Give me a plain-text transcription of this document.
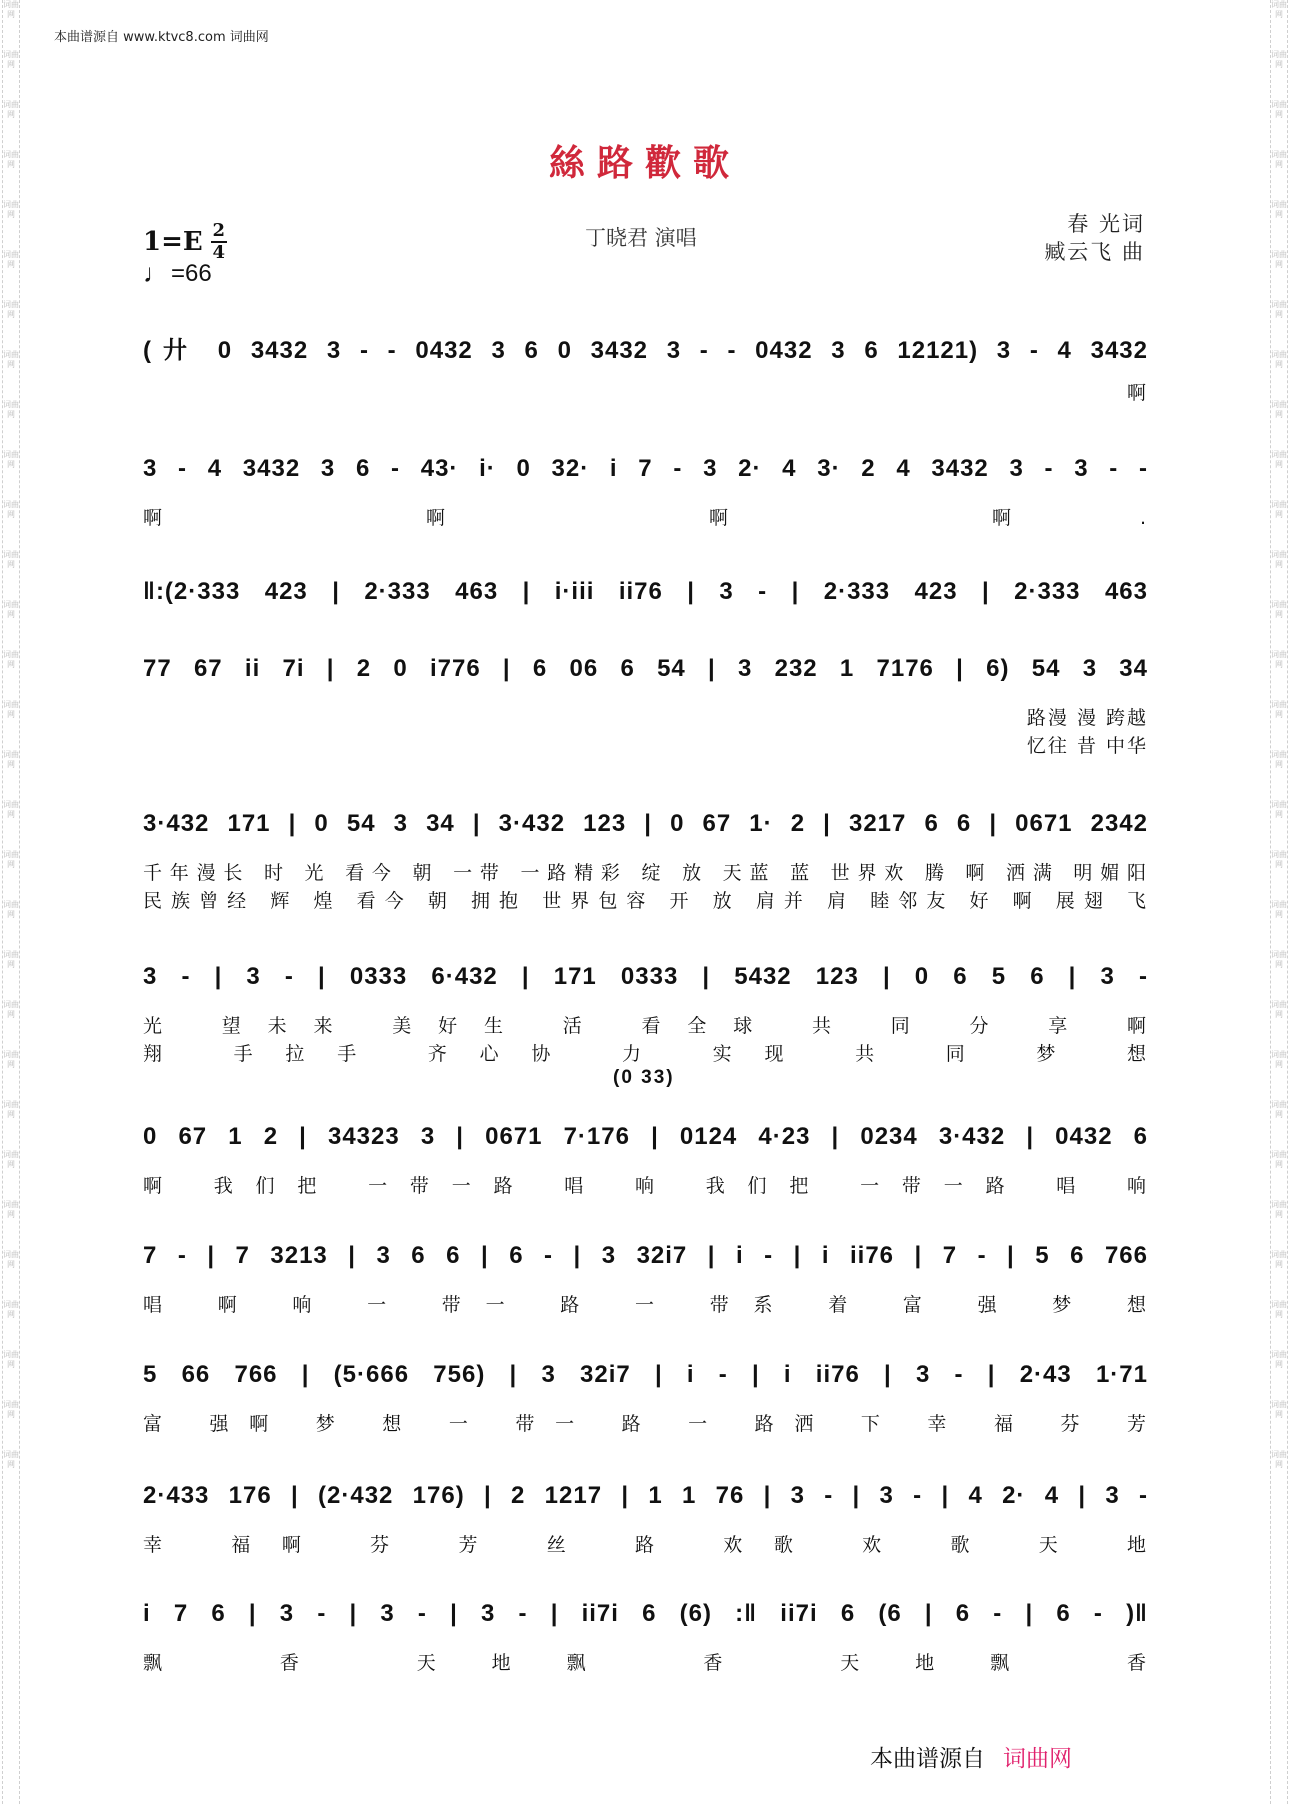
词曲网
词曲网
词曲网
词曲网
词曲网
词曲网
词曲网
词曲网
词曲网
词曲网
词曲网
词曲网
词曲网
词曲网
词曲网
词曲网
词曲网
词曲网
词曲网
词曲网
词曲网
词曲网
词曲网
词曲网
词曲网
词曲网
词曲网
词曲网
词曲网
词曲网
词曲网
词曲网
词曲网
词曲网
词曲网
词曲网
词曲网
词曲网
词曲网
词曲网
词曲网
词曲网
词曲网
词曲网
词曲网
词曲网
词曲网
词曲网
词曲网
词曲网
词曲网
词曲网
词曲网
词曲网
词曲网
词曲网
词曲网
词曲网
词曲网
词曲网
本曲谱源自 www.ktvc8.com 词曲网
絲路歡歌
1=E 2
4
♩ =66
丁晓君 演唱
春 光词
臧云飞 曲
(廾 0 3432 3 - - 0432 3 6 0 3432 3 - - 0432 3 6 12121) 3 - 4 3432
啊
3 - 4 3432 3 6 - 43· i· 0 32· i 7 - 3 2· 4 3· 2 4 3432 3 - 3 - -
啊 啊 啊 啊.
‖:(2·333 423 | 2·333 463 | i·iii ii76 | 3 - | 2·333 423 | 2·333 463
77 67 ii 7i | 2 0 i776 | 6 06 6 54 | 3 232 1 7176 | 6) 54 3 34
路漫 漫 跨越
忆往 昔 中华
3·432 171 | 0 54 3 34 | 3·432 123 | 0 67 1· 2 | 3217 6 6 | 0671 2342
千年漫长 时 光 看今 朝 一带 一路精彩 绽 放 天蓝 蓝 世界欢 腾 啊 洒满 明媚阳
民族曾经 辉 煌 看今 朝 拥抱 世界包容 开 放 肩并 肩 睦邻友 好 啊 展翅 飞
3 - | 3 - | 0333 6·432 | 171 0333 | 5432 123 | 0 6 5 6 | 3 -
光 望未来 美好生 活 看全球 共 同 分 享 啊
翔 手拉手 齐心协 力 实现 共 同 梦 想
(0 33)
0 67 1 2 | 34323 3 | 0671 7·176 | 0124 4·23 | 0234 3·432 | 0432 6
啊 我们把 一带一路 唱 响 我们把 一带一路 唱 响
7 - | 7 3213 | 3 6 6 | 6 - | 3 32i7 | i - | i ii76 | 7 - | 5 6 766
唱 啊 响 一 带一 路 一 带系 着 富 强 梦 想
5 66 766 | (5·666 756) | 3 32i7 | i - | i ii76 | 3 - | 2·43 1·71
富 强啊 梦 想 一 带一 路 一 路洒 下 幸 福 芬 芳
2·433 176 | (2·432 176) | 2 1217 | 1 1 76 | 3 - | 3 - | 4 2· 4 | 3 -
幸 福啊 芬 芳 丝 路 欢歌 欢 歌 天 地
i 7 6 | 3 - | 3 - | 3 - | ii7i 6 (6) :‖ ii7i 6 (6 | 6 - | 6 - )‖
飘 香 天地飘 香 天地飘 香
本曲谱源自 词曲网
